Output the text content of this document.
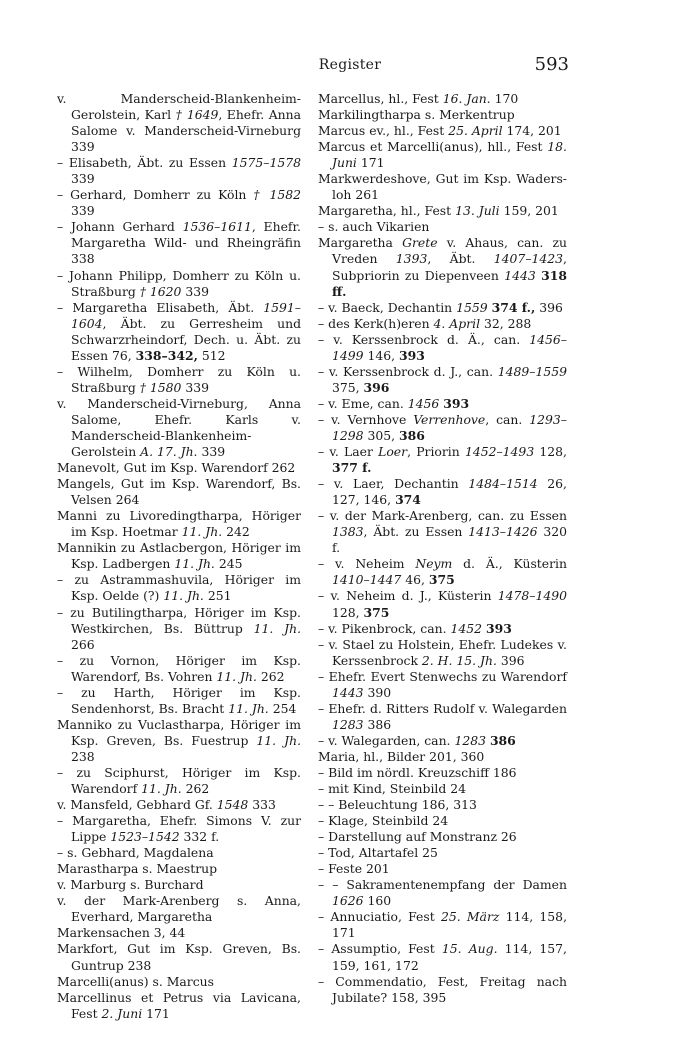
Register	593
v. Manderscheid-Blankenheim-Gerolstein, Karl † 1649, Ehefr. Anna Salome v. Manderscheid-Virneburg 339
– Elisabeth, Äbt. zu Essen 1575–1578 339
– Gerhard, Domherr zu Köln † 1582 339
– Johann Gerhard 1536–1611, Ehefr. Margaretha Wild- und Rheingräfin 338
– Johann Philipp, Domherr zu Köln u. Straßburg † 1620 339
– Margaretha Elisabeth, Äbt. 1591–1604, Äbt. zu Gerresheim und Schwarzrheindorf, Dech. u. Äbt. zu Essen 76, 338–342, 512
– Wilhelm, Domherr zu Köln u. Straßburg † 1580 339
v. Manderscheid-Virneburg, Anna Salome, Ehefr. Karls v. Manderscheid-Blankenheim-Gerolstein A. 17. Jh. 339
Manevolt, Gut im Ksp. Warendorf 262
Mangels, Gut im Ksp. Warendorf, Bs. Velsen 264
Manni zu Livoredingtharpa, Höriger im Ksp. Hoetmar 11. Jh. 242
Mannikin zu Astlacbergon, Höriger im Ksp. Ladbergen 11. Jh. 245
– zu Astrammashuvila, Höriger im Ksp. Oelde (?) 11. Jh. 251
– zu Butilingtharpa, Höriger im Ksp. Westkirchen, Bs. Büttrup 11. Jh. 266
– zu Vornon, Höriger im Ksp. Warendorf, Bs. Vohren 11. Jh. 262
– zu Harth, Höriger im Ksp. Sendenhorst, Bs. Bracht 11. Jh. 254
Manniko zu Vuclastharpa, Höriger im Ksp. Greven, Bs. Fuestrup 11. Jh. 238
– zu Sciphurst, Höriger im Ksp. Warendorf 11. Jh. 262
v. Mansfeld, Gebhard Gf. 1548 333
– Margaretha, Ehefr. Simons V. zur Lippe 1523–1542 332 f.
– s. Gebhard, Magdalena
Marastharpa s. Maestrup
v. Marburg s. Burchard
v. der Mark-Arenberg s. Anna, Everhard, Margaretha
Markensachen 3, 44
Markfort, Gut im Ksp. Greven, Bs. Guntrup 238
Marcelli(anus) s. Marcus
Marcellinus et Petrus via Lavicana, Fest 2. Juni 171
Marcellus, hl., Fest 16. Jan. 170
Markilingtharpa s. Merkentrup
Marcus ev., hl., Fest 25. April 174, 201
Marcus et Marcelli(anus), hll., Fest 18. Juni 171
Markwerdeshove, Gut im Ksp. Waders-loh 261
Margaretha, hl., Fest 13. Juli 159, 201
– s. auch Vikarien
Margaretha Grete v. Ahaus, can. zu Vreden 1393, Äbt. 1407–1423, Subpriorin zu Diepenveen 1443 318 ff.
– v. Baeck, Dechantin 1559 374 f., 396
– des Kerk(h)eren 4. April 32, 288
– v. Kerssenbrock d. Ä., can. 1456–1499 146, 393
– v. Kerssenbrock d. J., can. 1489–1559 375, 396
– v. Eme, can. 1456 393
– v. Vernhove Verrenhove, can. 1293–1298 305, 386
– v. Laer Loer, Priorin 1452–1493 128, 377 f.
– v. Laer, Dechantin 1484–1514 26, 127, 146, 374
– v. der Mark-Arenberg, can. zu Essen 1383, Äbt. zu Essen 1413–1426 320 f.
– v. Neheim Neym d. Ä., Küsterin 1410–1447 46, 375
– v. Neheim d. J., Küsterin 1478–1490 128, 375
– v. Pikenbrock, can. 1452 393
– v. Stael zu Holstein, Ehefr. Ludekes v. Kerssenbrock 2. H. 15. Jh. 396
– Ehefr. Evert Stenwechs zu Warendorf 1443 390
– Ehefr. d. Ritters Rudolf v. Walegarden 1283 386
– v. Walegarden, can. 1283 386
Maria, hl., Bilder 201, 360
– Bild im nördl. Kreuzschiff 186
– mit Kind, Steinbild 24
– – Beleuchtung 186, 313
– Klage, Steinbild 24
– Darstellung auf Monstranz 26
– Tod, Altartafel 25
– Feste 201
– – Sakramentenempfang der Damen 1626 160
– Annuciatio, Fest 25. März 114, 158, 171
– Assumptio, Fest 15. Aug. 114, 157, 159, 161, 172
– Commendatio, Fest, Freitag nach Jubilate? 158, 395
